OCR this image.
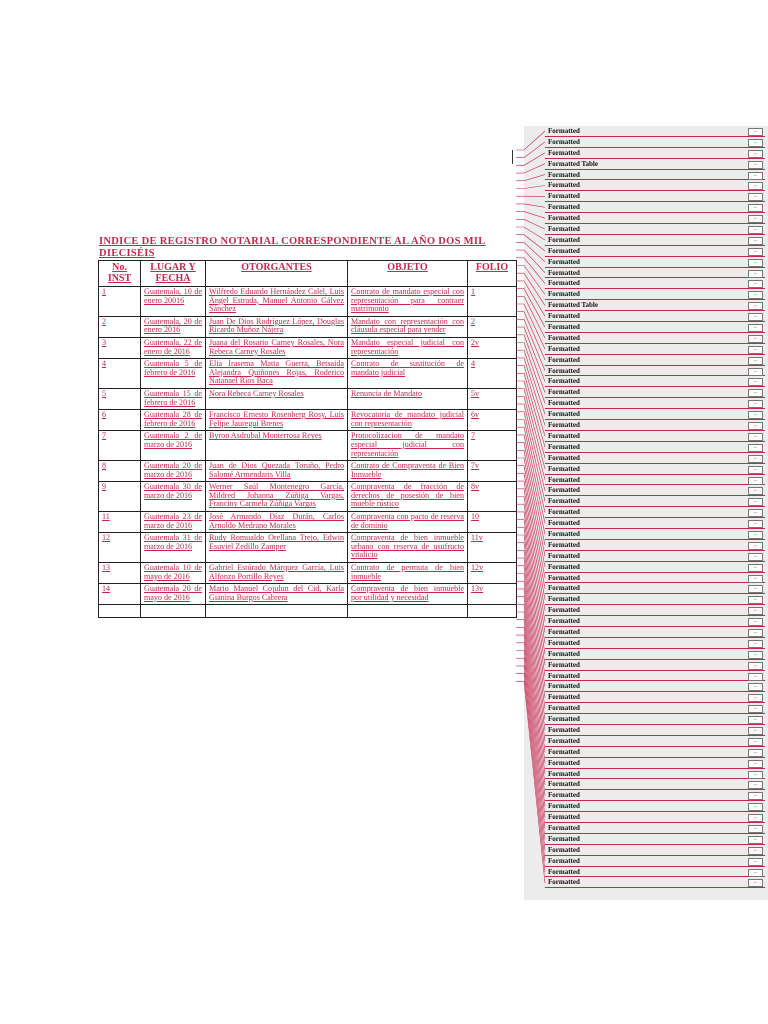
INDICE DE REGISTRO NOTARIAL CORRESPONDIENTE AL AÑO DOS MIL DIECISÉIS
No. INST	LUGAR Y FECHA	OTORGANTES	OBJETO	FOLIO
1	Guatemala, 10 de enero 20016	Wilfredo Eduardo Hernández Calel, Luis Ángel Estrada, Manuel Antonio Gálvez Sánchez	Contrato de mandato especial con representación para contraer matrimonio	1
2	Guatemala, 20 de enero 2016	Juan De Dios Rodríguez López, Douglas Ricardo Muñoz Nájera	Mandato con representación con cláusula especial para vender	2
3	Guatemala, 22 de enero de 2016	Juana del Rosario Carney Rosales, Nora Rebeca Carney Rosales	Mandato especial judicial con representación	2v
4	Guatemala 5 de febrero de 2016	Elia Irasema Matta Guerra, Betsaida Alejandra Quiñones Rojas, Roderico Natanael Ríos Baca	Contrato de sustitución de mandato judicial	4
5	Guatemala 15 de febrero de 2016	Nora Rebeca Carney Rosales	Renuncia de Mandato	5v
6	Guatemala 28 de febrero de 2016	Francisco Ernesto Rosenberg Rosy, Luis Felipe Jauregui Brenes	Revocatoria de mandato judicial con representación	6v
7	Guatemala 2 de marzo de 2016	Byron Asdrubal Monterrosa Reyes	Protocolizacion de mandato especial judicial con representación	7
8	Guatemala 20 de marzo de 2016	Juan de Dios Quezada Toruño, Pedro Salomé Armendaris Villa	Contrato de Compraventa de Bien Inmueble	7v
9	Guatemala 30 de marzo de 2016	Werner Saúl Montenegro García, Mildred Johanna Zúñiga Vargas, Franciny Carmela Zúñiga Vargas	Compraventa de fracción de derechos de posesión de bien mueble rústico	8v
11	Guatemala 23 de marzo de 2016	José Armando Díaz Durán, Carlos Arnoldo Medrano Morales	Compraventa con pacto de reserva de dominio	10
12	Guatemala 31 de marzo de 2016	Rudy Romualdo Orellana Trejo, Edwin Esuviel Zedillo Zamper	Compraventa de bien inmueble urbano con reserva de usufructo vitalicio	11v
13	Guatemala 10 de mayo de 2016	Gabriel Estúrado Márquez García, Luis Alfonzo Portillo Reyes	Contrato de permuta de bien inmueble	12v
14	Guatemala 20 de mayo de 2016	Mario Manuel Cojulun del Cid, Karla Gianina Burgos Cabrera	Compraventa de bien inmueble por utilidad y necesidad	13v

Formatted	...
Formatted	...
Formatted	...
Formatted Table	...
Formatted	...
Formatted	...
Formatted	...
Formatted	...
Formatted	...
Formatted	...
Formatted	...
Formatted	...
Formatted	...
Formatted	...
Formatted	...
Formatted	...
Formatted Table	...
Formatted	...
Formatted	...
Formatted	...
Formatted	...
Formatted	...
Formatted	...
Formatted	...
Formatted	...
Formatted	...
Formatted	...
Formatted	...
Formatted	...
Formatted	...
Formatted	...
Formatted	...
Formatted	...
Formatted	...
Formatted	...
Formatted	...
Formatted	...
Formatted	...
Formatted	...
Formatted	...
Formatted	...
Formatted	...
Formatted	...
Formatted	...
Formatted	...
Formatted	...
Formatted	...
Formatted	...
Formatted	...
Formatted	...
Formatted	...
Formatted	...
Formatted	...
Formatted	...
Formatted	...
Formatted	...
Formatted	...
Formatted	...
Formatted	...
Formatted	...
Formatted	...
Formatted	...
Formatted	...
Formatted	...
Formatted	...
Formatted	...
Formatted	...
Formatted	...
Formatted	...
Formatted	...
